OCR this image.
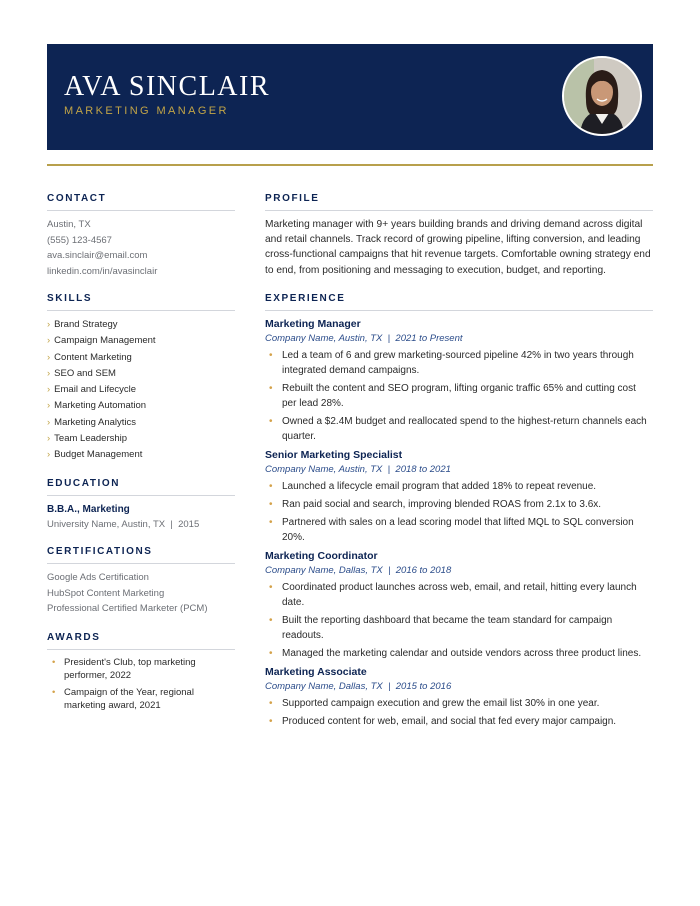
AVA SINCLAIR
MARKETING MANAGER
CONTACT
Austin, TX
(555) 123-4567
ava.sinclair@email.com
linkedin.com/in/avasinclair
SKILLS
› Brand Strategy
› Campaign Management
› Content Marketing
› SEO and SEM
› Email and Lifecycle
› Marketing Automation
› Marketing Analytics
› Team Leadership
› Budget Management
EDUCATION
B.B.A., Marketing
University Name, Austin, TX  |  2015
CERTIFICATIONS
Google Ads Certification
HubSpot Content Marketing
Professional Certified Marketer (PCM)
AWARDS
• President's Club, top marketing performer, 2022
• Campaign of the Year, regional marketing award, 2021
PROFILE

Marketing manager with 9+ years building brands and driving demand across digital and retail channels. Track record of growing pipeline, lifting conversion, and leading cross-functional campaigns that hit revenue targets. Comfortable owning strategy end to end, from positioning and messaging to execution, budget, and reporting.

EXPERIENCE
Marketing Manager
Company Name, Austin, TX  |  2021 to Present
• Led a team of 6 and grew marketing-sourced pipeline 42% in two years through integrated demand campaigns.
• Rebuilt the content and SEO program, lifting organic traffic 65% and cutting cost per lead 28%.
• Owned a $2.4M budget and reallocated spend to the highest-return channels each quarter.
Senior Marketing Specialist
Company Name, Austin, TX  |  2018 to 2021
• Launched a lifecycle email program that added 18% to repeat revenue.
• Ran paid social and search, improving blended ROAS from 2.1x to 3.6x.
• Partnered with sales on a lead scoring model that lifted MQL to SQL conversion 20%.
Marketing Coordinator
Company Name, Dallas, TX  |  2016 to 2018
• Coordinated product launches across web, email, and retail, hitting every launch date.
• Built the reporting dashboard that became the team standard for campaign readouts.
• Managed the marketing calendar and outside vendors across three product lines.
Marketing Associate
Company Name, Dallas, TX  |  2015 to 2016
• Supported campaign execution and grew the email list 30% in one year.
• Produced content for web, email, and social that fed every major campaign.
